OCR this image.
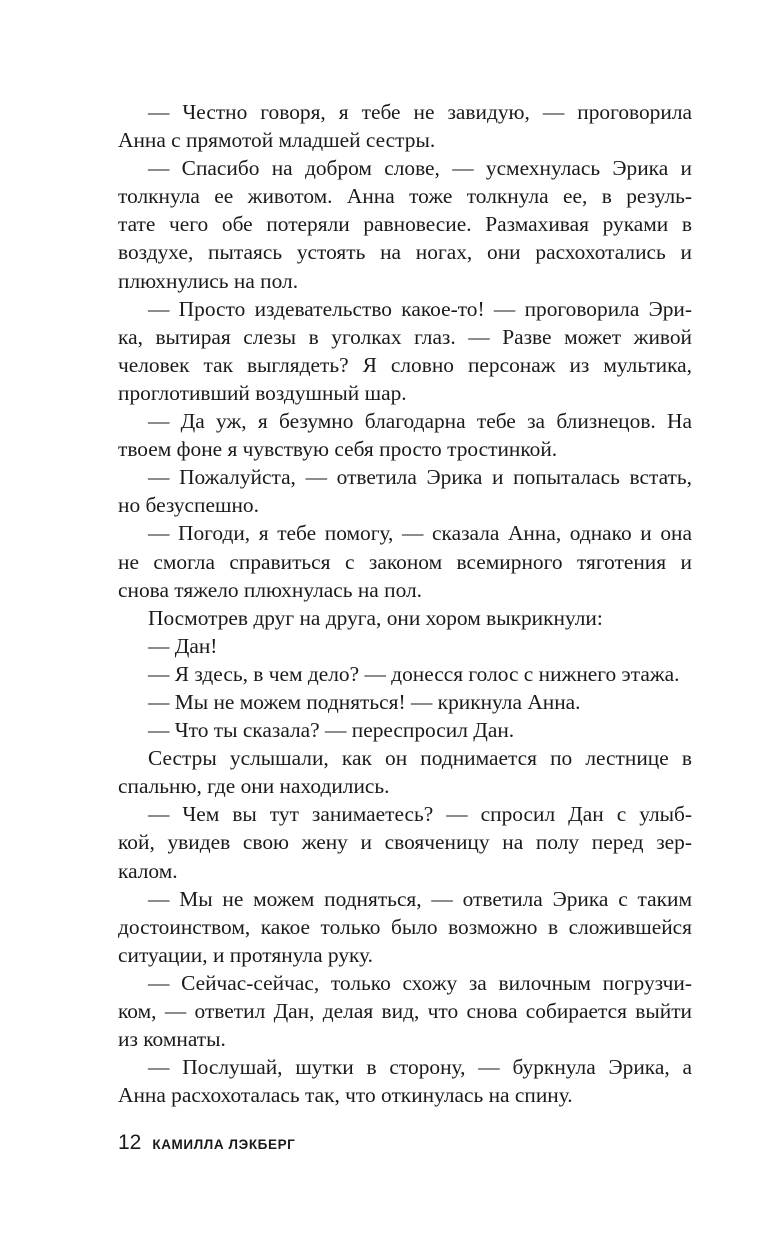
— Честно говоря, я тебе не завидую, — проговорила
Анна с прямотой младшей сестры.
— Спасибо на добром слове, — усмехнулась Эрика и
толкнула ее животом. Анна тоже толкнула ее, в резуль-
тате чего обе потеряли равновесие. Размахивая руками в
воздухе, пытаясь устоять на ногах, они расхохотались и
плюхнулись на пол.
— Просто издевательство какое-то! — проговорила Эри-
ка, вытирая слезы в уголках глаз. — Разве может живой
человек так выглядеть? Я словно персонаж из мультика,
проглотивший воздушный шар.
— Да уж, я безумно благодарна тебе за близнецов. На
твоем фоне я чувствую себя просто тростинкой.
— Пожалуйста, — ответила Эрика и попыталась встать,
но безуспешно.
— Погоди, я тебе помогу, — сказала Анна, однако и она
не смогла справиться с законом всемирного тяготения и
снова тяжело плюхнулась на пол.
Посмотрев друг на друга, они хором выкрикнули:
— Дан!
— Я здесь, в чем дело? — донесся голос с нижнего этажа.
— Мы не можем подняться! — крикнула Анна.
— Что ты сказала? — переспросил Дан.
Сестры услышали, как он поднимается по лестнице в
спальню, где они находились.
— Чем вы тут занимаетесь? — спросил Дан с улыб-
кой, увидев свою жену и свояченицу на полу перед зер-
калом.
— Мы не можем подняться, — ответила Эрика с таким
достоинством, какое только было возможно в сложившейся
ситуации, и протянула руку.
— Сейчас-сейчас, только схожу за вилочным погрузчи-
ком, — ответил Дан, делая вид, что снова собирается выйти
из комнаты.
— Послушай, шутки в сторону, — буркнула Эрика, а
Анна расхохоталась так, что откинулась на спину.
12 КАМИЛЛА ЛЭКБЕРГ
